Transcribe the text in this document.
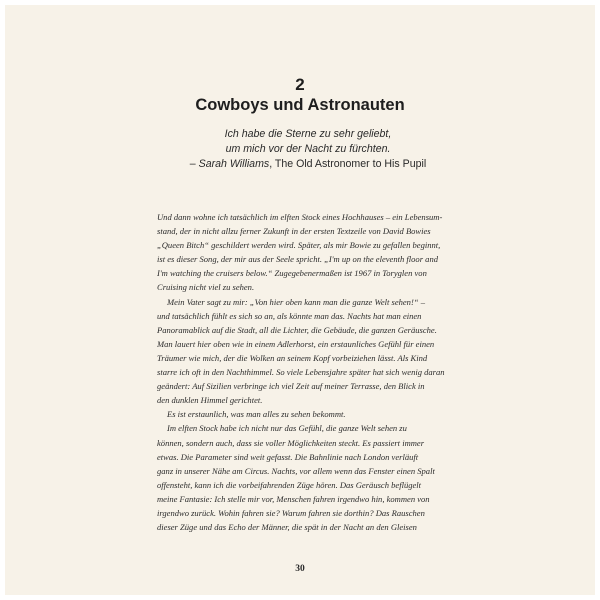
2
Cowboys und Astronauten
Ich habe die Sterne zu sehr geliebt,
um mich vor der Nacht zu fürchten.
– Sarah Williams, The Old Astronomer to His Pupil
Und dann wohne ich tatsächlich im elften Stock eines Hochhauses – ein Lebensum-
stand, der in nicht allzu ferner Zukunft in der ersten Textzeile von David Bowies
„Queen Bitch“ geschildert werden wird. Später, als mir Bowie zu gefallen beginnt,
ist es dieser Song, der mir aus der Seele spricht. „I'm up on the eleventh floor and
I'm watching the cruisers below.“ Zugegebenermaßen ist 1967 in Toryglen von
Cruising nicht viel zu sehen.
Mein Vater sagt zu mir: „Von hier oben kann man die ganze Welt sehen!“ –
und tatsächlich fühlt es sich so an, als könnte man das. Nachts hat man einen
Panoramablick auf die Stadt, all die Lichter, die Gebäude, die ganzen Geräusche.
Man lauert hier oben wie in einem Adlerhorst, ein erstaunliches Gefühl für einen
Träumer wie mich, der die Wolken an seinem Kopf vorbeiziehen lässt. Als Kind
starre ich oft in den Nachthimmel. So viele Lebensjahre später hat sich wenig daran
geändert: Auf Sizilien verbringe ich viel Zeit auf meiner Terrasse, den Blick in
den dunklen Himmel gerichtet.
Es ist erstaunlich, was man alles zu sehen bekommt.
Im elften Stock habe ich nicht nur das Gefühl, die ganze Welt sehen zu
können, sondern auch, dass sie voller Möglichkeiten steckt. Es passiert immer
etwas. Die Parameter sind weit gefasst. Die Bahnlinie nach London verläuft
ganz in unserer Nähe am Circus. Nachts, vor allem wenn das Fenster einen Spalt
offensteht, kann ich die vorbeifahrenden Züge hören. Das Geräusch beflügelt
meine Fantasie: Ich stelle mir vor, Menschen fahren irgendwo hin, kommen von
irgendwo zurück. Wohin fahren sie? Warum fahren sie dorthin? Das Rauschen
dieser Züge und das Echo der Männer, die spät in der Nacht an den Gleisen
30
